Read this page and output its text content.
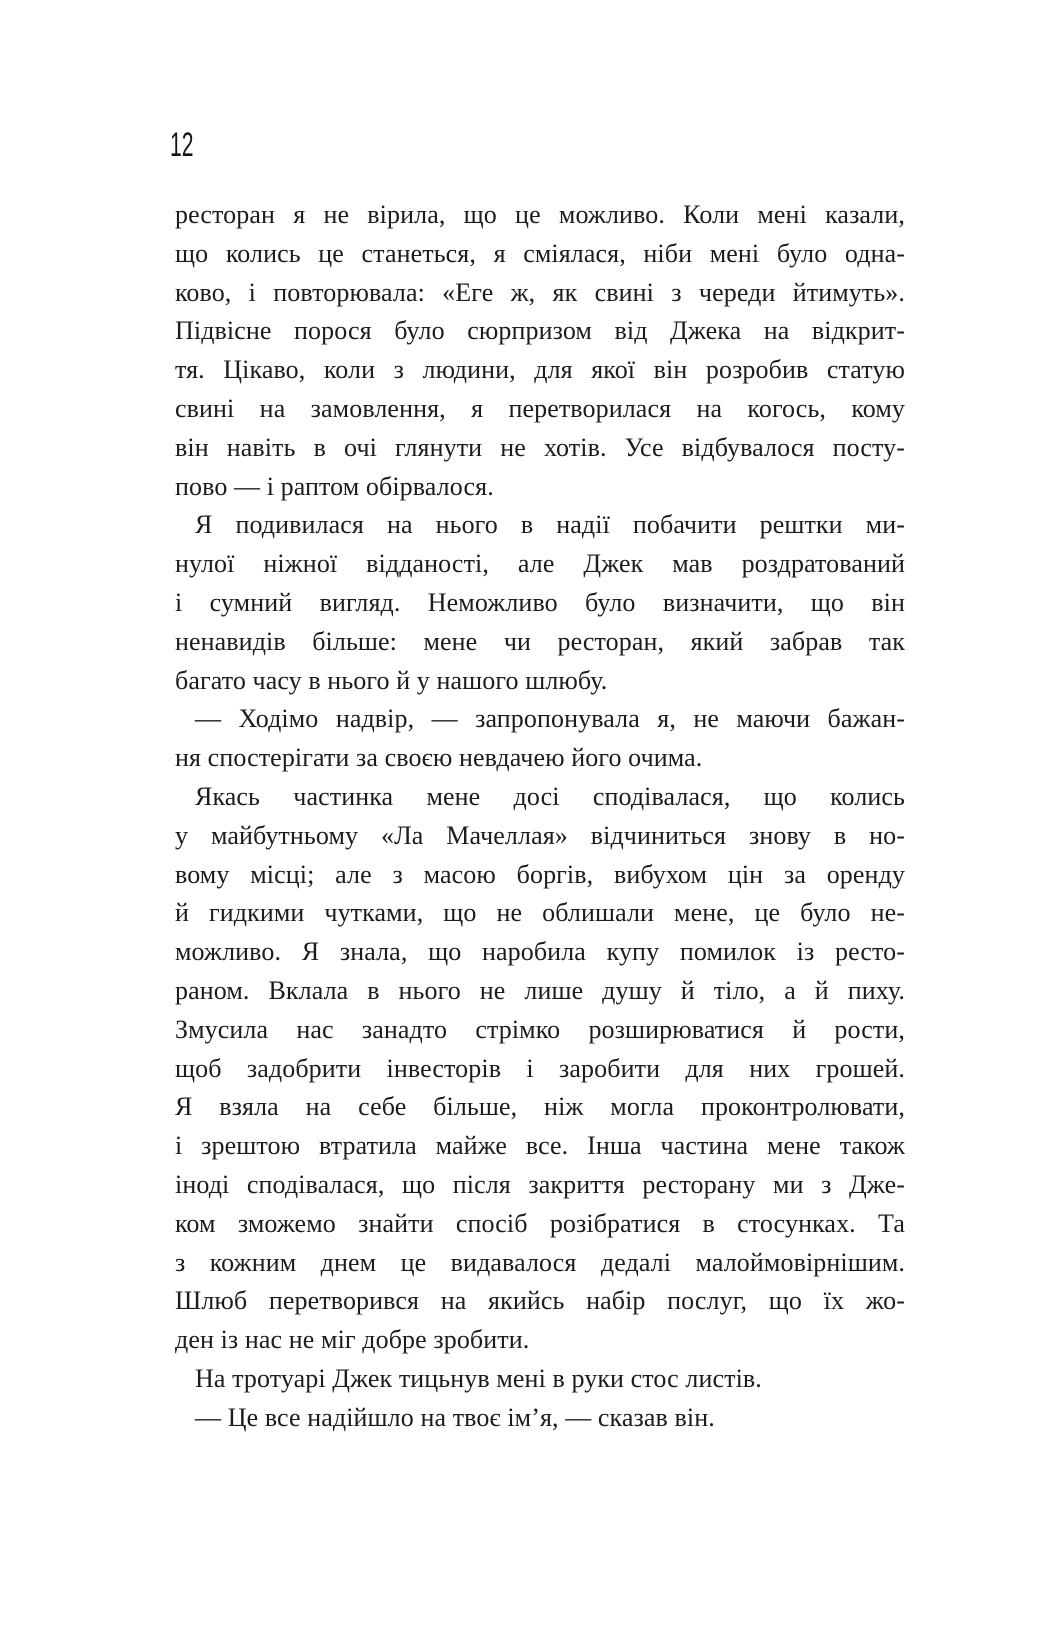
12

ресторан я не вірила, що це можливо. Коли мені казали,
що колись це станеться, я сміялася, ніби мені було одна-
ково, і повторювала: «Еге ж, як свині з череди йтимуть».
Підвісне порося було сюрпризом від Джека на відкрит-
тя. Цікаво, коли з людини, для якої він розробив статую
свині на замовлення, я перетворилася на когось, кому
він навіть в очі глянути не хотів. Усе відбувалося посту-
пово — і раптом обірвалося.

Я подивилася на нього в надії побачити рештки ми-
нулої ніжної відданості, але Джек мав роздратований
і сумний вигляд. Неможливо було визначити, що він
ненавидів більше: мене чи ресторан, який забрав так
багато часу в нього й у нашого шлюбу.

— Ходімо надвір, — запропонувала я, не маючи бажан-
ня спостерігати за своєю невдачею його очима.

Якась частинка мене досі сподівалася, що колись
у майбутньому «Ла Мачеллая» відчиниться знову в но-
вому місці; але з масою боргів, вибухом цін за оренду
й гидкими чутками, що не облишали мене, це було не-
можливо. Я знала, що наробила купу помилок із ресто-
раном. Вклала в нього не лише душу й тіло, а й пиху.
Змусила нас занадто стрімко розширюватися й рости,
щоб задобрити інвесторів і заробити для них грошей.
Я взяла на себе більше, ніж могла проконтролювати,
і зрештою втратила майже все. Інша частина мене також
іноді сподівалася, що після закриття ресторану ми з Дже-
ком зможемо знайти спосіб розібратися в стосунках. Та
з кожним днем це видавалося дедалі малоймовірнішим.
Шлюб перетворився на якийсь набір послуг, що їх жо-
ден із нас не міг добре зробити.

На тротуарі Джек тицьнув мені в руки стос листів.

— Це все надійшло на твоє ім’я, — сказав він.
